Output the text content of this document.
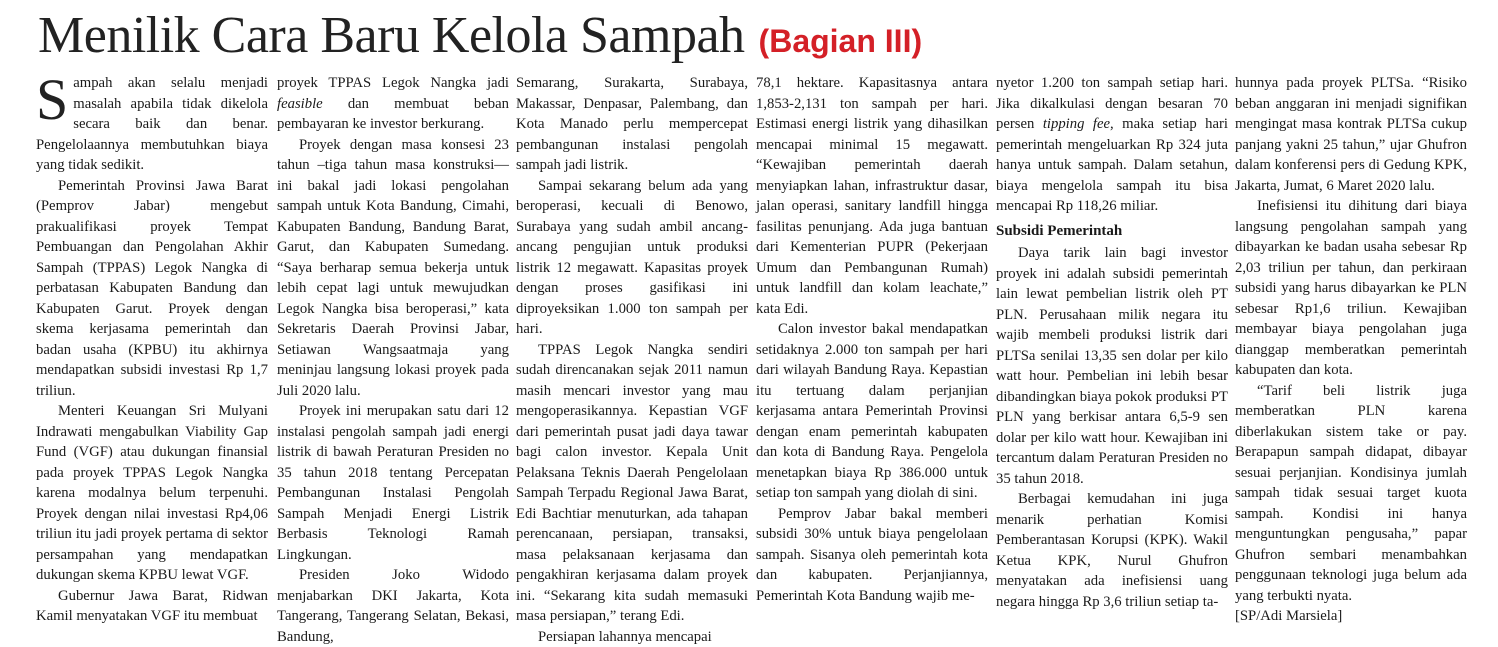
Menilik Cara Baru Kelola Sampah (Bagian III)

Sampah akan selalu menjadi masalah apabila tidak dikelola secara baik dan benar. Pengelolaannya membutuhkan biaya yang tidak sedikit.

Pemerintah Provinsi Jawa Barat (Pemprov Jabar) mengebut prakualifikasi proyek Tempat Pembuangan dan Pengolahan Akhir Sampah (TPPAS) Legok Nangka di perbatasan Kabupaten Bandung dan Kabupaten Garut. Proyek dengan skema kerjasama pemerintah dan badan usaha (KPBU) itu akhirnya mendapatkan subsidi investasi Rp 1,7 triliun.

Menteri Keuangan Sri Mulyani Indrawati mengabulkan Viability Gap Fund (VGF) atau dukungan finansial pada proyek TPPAS Legok Nangka karena modalnya belum terpenuhi. Proyek dengan nilai investasi Rp4,06 triliun itu jadi proyek pertama di sektor persampahan yang mendapatkan dukungan skema KPBU lewat VGF.

Gubernur Jawa Barat, Ridwan Kamil menyatakan VGF itu membuat

proyek TPPAS Legok Nangka jadi feasible dan membuat beban pembayaran ke investor berkurang.

Proyek dengan masa konsesi 23 tahun –tiga tahun masa konstruksi— ini bakal jadi lokasi pengolahan sampah untuk Kota Bandung, Cimahi, Kabupaten Bandung, Bandung Barat, Garut, dan Kabupaten Sumedang. “Saya berharap semua bekerja untuk lebih cepat lagi untuk mewujudkan Legok Nangka bisa beroperasi,” kata Sekretaris Daerah Provinsi Jabar, Setiawan Wangsaatmaja yang meninjau langsung lokasi proyek pada Juli 2020 lalu.

Proyek ini merupakan satu dari 12 instalasi pengolah sampah jadi energi listrik di bawah Peraturan Presiden no 35 tahun 2018 tentang Percepatan Pembangunan Instalasi Pengolah Sampah Menjadi Energi Listrik Berbasis Teknologi Ramah Lingkungan.

Presiden Joko Widodo menjabarkan DKI Jakarta, Kota Tangerang, Tangerang Selatan, Bekasi, Bandung,

Semarang, Surakarta, Surabaya, Makassar, Denpasar, Palembang, dan Kota Manado perlu mempercepat pembangunan instalasi pengolah sampah jadi listrik.

Sampai sekarang belum ada yang beroperasi, kecuali di Benowo, Surabaya yang sudah ambil ancang-ancang pengujian untuk produksi listrik 12 megawatt. Kapasitas proyek dengan proses gasifikasi ini diproyeksikan 1.000 ton sampah per hari.

TPPAS Legok Nangka sendiri sudah direncanakan sejak 2011 namun masih mencari investor yang mau mengoperasikannya. Kepastian VGF dari pemerintah pusat jadi daya tawar bagi calon investor. Kepala Unit Pelaksana Teknis Daerah Pengelolaan Sampah Terpadu Regional Jawa Barat, Edi Bachtiar menuturkan, ada tahapan perencanaan, persiapan, transaksi, masa pelaksanaan kerjasama dan pengakhiran kerjasama dalam proyek ini. “Sekarang kita sudah memasuki masa persiapan,” terang Edi.

Persiapan lahannya mencapai

78,1 hektare. Kapasitasnya antara 1,853-2,131 ton sampah per hari. Estimasi energi listrik yang dihasilkan mencapai minimal 15 megawatt. “Kewajiban pemerintah daerah menyiapkan lahan, infrastruktur dasar, jalan operasi, sanitary landfill hingga fasilitas penunjang. Ada juga bantuan dari Kementerian PUPR (Pekerjaan Umum dan Pembangunan Rumah) untuk landfill dan kolam leachate,” kata Edi.

Calon investor bakal mendapatkan setidaknya 2.000 ton sampah per hari dari wilayah Bandung Raya. Kepastian itu tertuang dalam perjanjian kerjasama antara Pemerintah Provinsi dengan enam pemerintah kabupaten dan kota di Bandung Raya. Pengelola menetapkan biaya Rp 386.000 untuk setiap ton sampah yang diolah di sini.

Pemprov Jabar bakal memberi subsidi 30% untuk biaya pengelolaan sampah. Sisanya oleh pemerintah kota dan kabupaten. Perjanjiannya, Pemerintah Kota Bandung wajib me-

nyetor 1.200 ton sampah setiap hari. Jika dikalkulasi dengan besaran 70 persen tipping fee, maka setiap hari pemerintah mengeluarkan Rp 324 juta hanya untuk sampah. Dalam setahun, biaya mengelola sampah itu bisa mencapai Rp 118,26 miliar.

Subsidi Pemerintah

Daya tarik lain bagi investor proyek ini adalah subsidi pemerintah lain lewat pembelian listrik oleh PT PLN. Perusahaan milik negara itu wajib membeli produksi listrik dari PLTSa senilai 13,35 sen dolar per kilo watt hour. Pembelian ini lebih besar dibandingkan biaya pokok produksi PT PLN yang berkisar antara 6,5-9 sen dolar per kilo watt hour. Kewajiban ini tercantum dalam Peraturan Presiden no 35 tahun 2018.

Berbagai kemudahan ini juga menarik perhatian Komisi Pemberantasan Korupsi (KPK). Wakil Ketua KPK, Nurul Ghufron menyatakan ada inefisiensi uang negara hingga Rp 3,6 triliun setiap ta-

hunnya pada proyek PLTSa. “Risiko beban anggaran ini menjadi signifikan mengingat masa kontrak PLTSa cukup panjang yakni 25 tahun,” ujar Ghufron dalam konferensi pers di Gedung KPK, Jakarta, Jumat, 6 Maret 2020 lalu.

Inefisiensi itu dihitung dari biaya langsung pengolahan sampah yang dibayarkan ke badan usaha sebesar Rp 2,03 triliun per tahun, dan perkiraan subsidi yang harus dibayarkan ke PLN sebesar Rp1,6 triliun. Kewajiban membayar biaya pengolahan juga dianggap memberatkan pemerintah kabupaten dan kota.

“Tarif beli listrik juga memberatkan PLN karena diberlakukan sistem take or pay. Berapapun sampah didapat, dibayar sesuai perjanjian. Kondisinya jumlah sampah tidak sesuai target kuota sampah. Kondisi ini hanya menguntungkan pengusaha,” papar Ghufron sembari menambahkan penggunaan teknologi juga belum ada yang terbukti nyata.

[SP/Adi Marsiela]
